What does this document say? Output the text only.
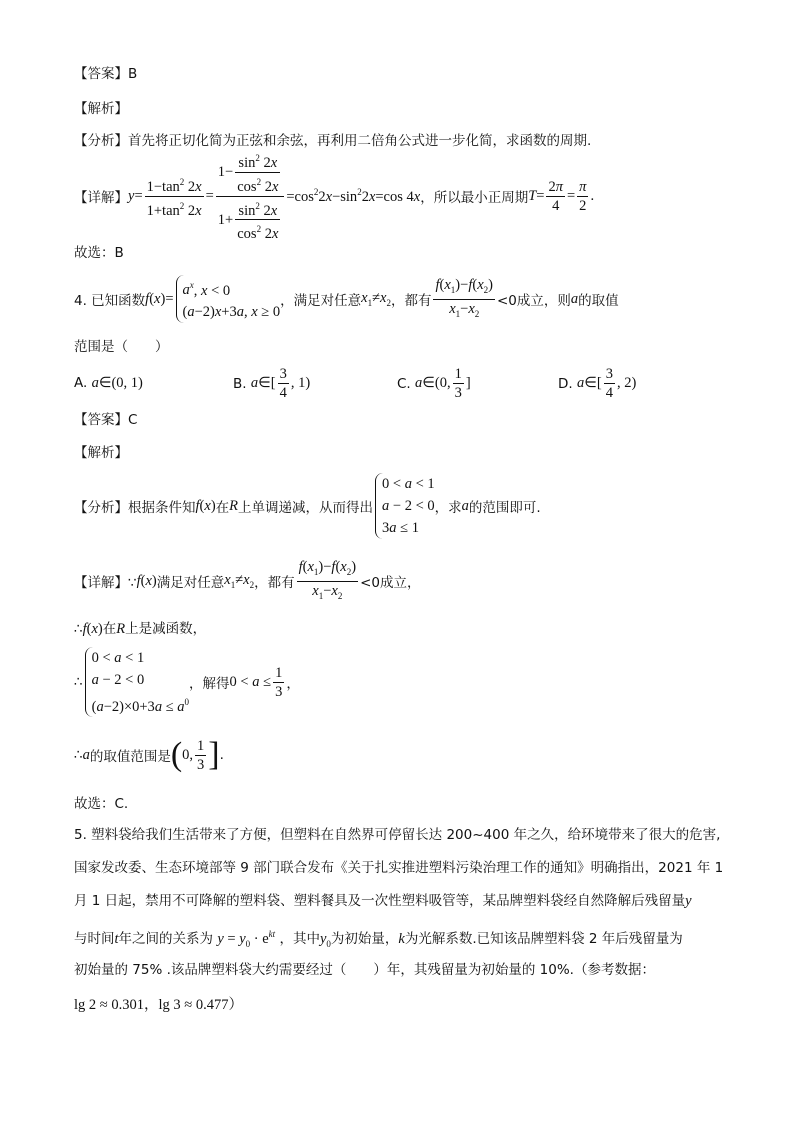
【答案】B
【解析】
【分析】首先将正切化简为正弦和余弦，再利用二倍角公式进一步化简，求函数的周期.
【详解】 $y = \frac{1-\tan^2 2x}{1+\tan^2 2x} = \frac{1- \frac{\sin^2 2x}{\cos^2 2x}}{1+ \frac{\sin^2 2x}{\cos^2 2x}} =\cos^22x-\sin^22x=\cos$ 4x ，所以最小正周期 $T = \frac{2\pi}{4} = \frac{\pi}{2}$ .
故选：B
4. 已知函数 f (x)=
$a^x$, x < 0
(a−2)x+3a, x ≥ 0
，满足对任意 $x_1\ne x_2$ ，都有 $\frac{f(x_1)-f(x_2)}{x_1-x_2} <0$成立，则 a 的取值
范围是（　　）
A. a∈(0, 1)	B.
a∈[ $\frac{3}{4}$ , 1)	C.
a∈(0, $\frac{1}{3}$ ]	D.
a∈[ $\frac{3}{4}$ , 2)
【答案】C
【解析】
【分析】根据条件知 f(x) 在 R 上单调递减，从而得出
0 < a < 1
a − 2 < 0
3a ≤ 1
，求 a 的范围即可.
【详解】∵ f(x) 满足对任意 $x_1\ne x_2$ ，都有 $\frac{f(x_1)-f(x_2)}{x_1-x_2} <0$成立，
∴f(x)在R上是减函数，
∴
0 < a < 1
a − 2 < 0
$(a-2)\times 0+3a \le a^0$
，解得 $0 < a \le \frac{1}{3}$ ，
∴ a 的取值范围是 ( 0, $\frac{1}{3}$ ] .
故选：C.
5. 塑料袋给我们生活带来了方便，但塑料在自然界可停留长达 200~400 年之久，给环境带来了很大的危害,
国家发改委、生态环境部等 9 部门联合发布《关于扎实推进塑料污染治理工作的通知》明确指出，2021 年 1
月 1 日起，禁用不可降解的塑料袋、塑料餐具及一次性塑料吸管等，某品牌塑料袋经自然降解后残留量y
与时间t年之间的关系为 $y = y_0 \cdot e^{kt}$ ，其中$y_0$为初始量，k为光解系数.已知该品牌塑料袋 2 年后残留量为
初始量的 75% .该品牌塑料袋大约需要经过（　　）年，其残留量为初始量的 10%.（参考数据：
lg 2 ≈ 0.301，lg 3 ≈ 0.477）
